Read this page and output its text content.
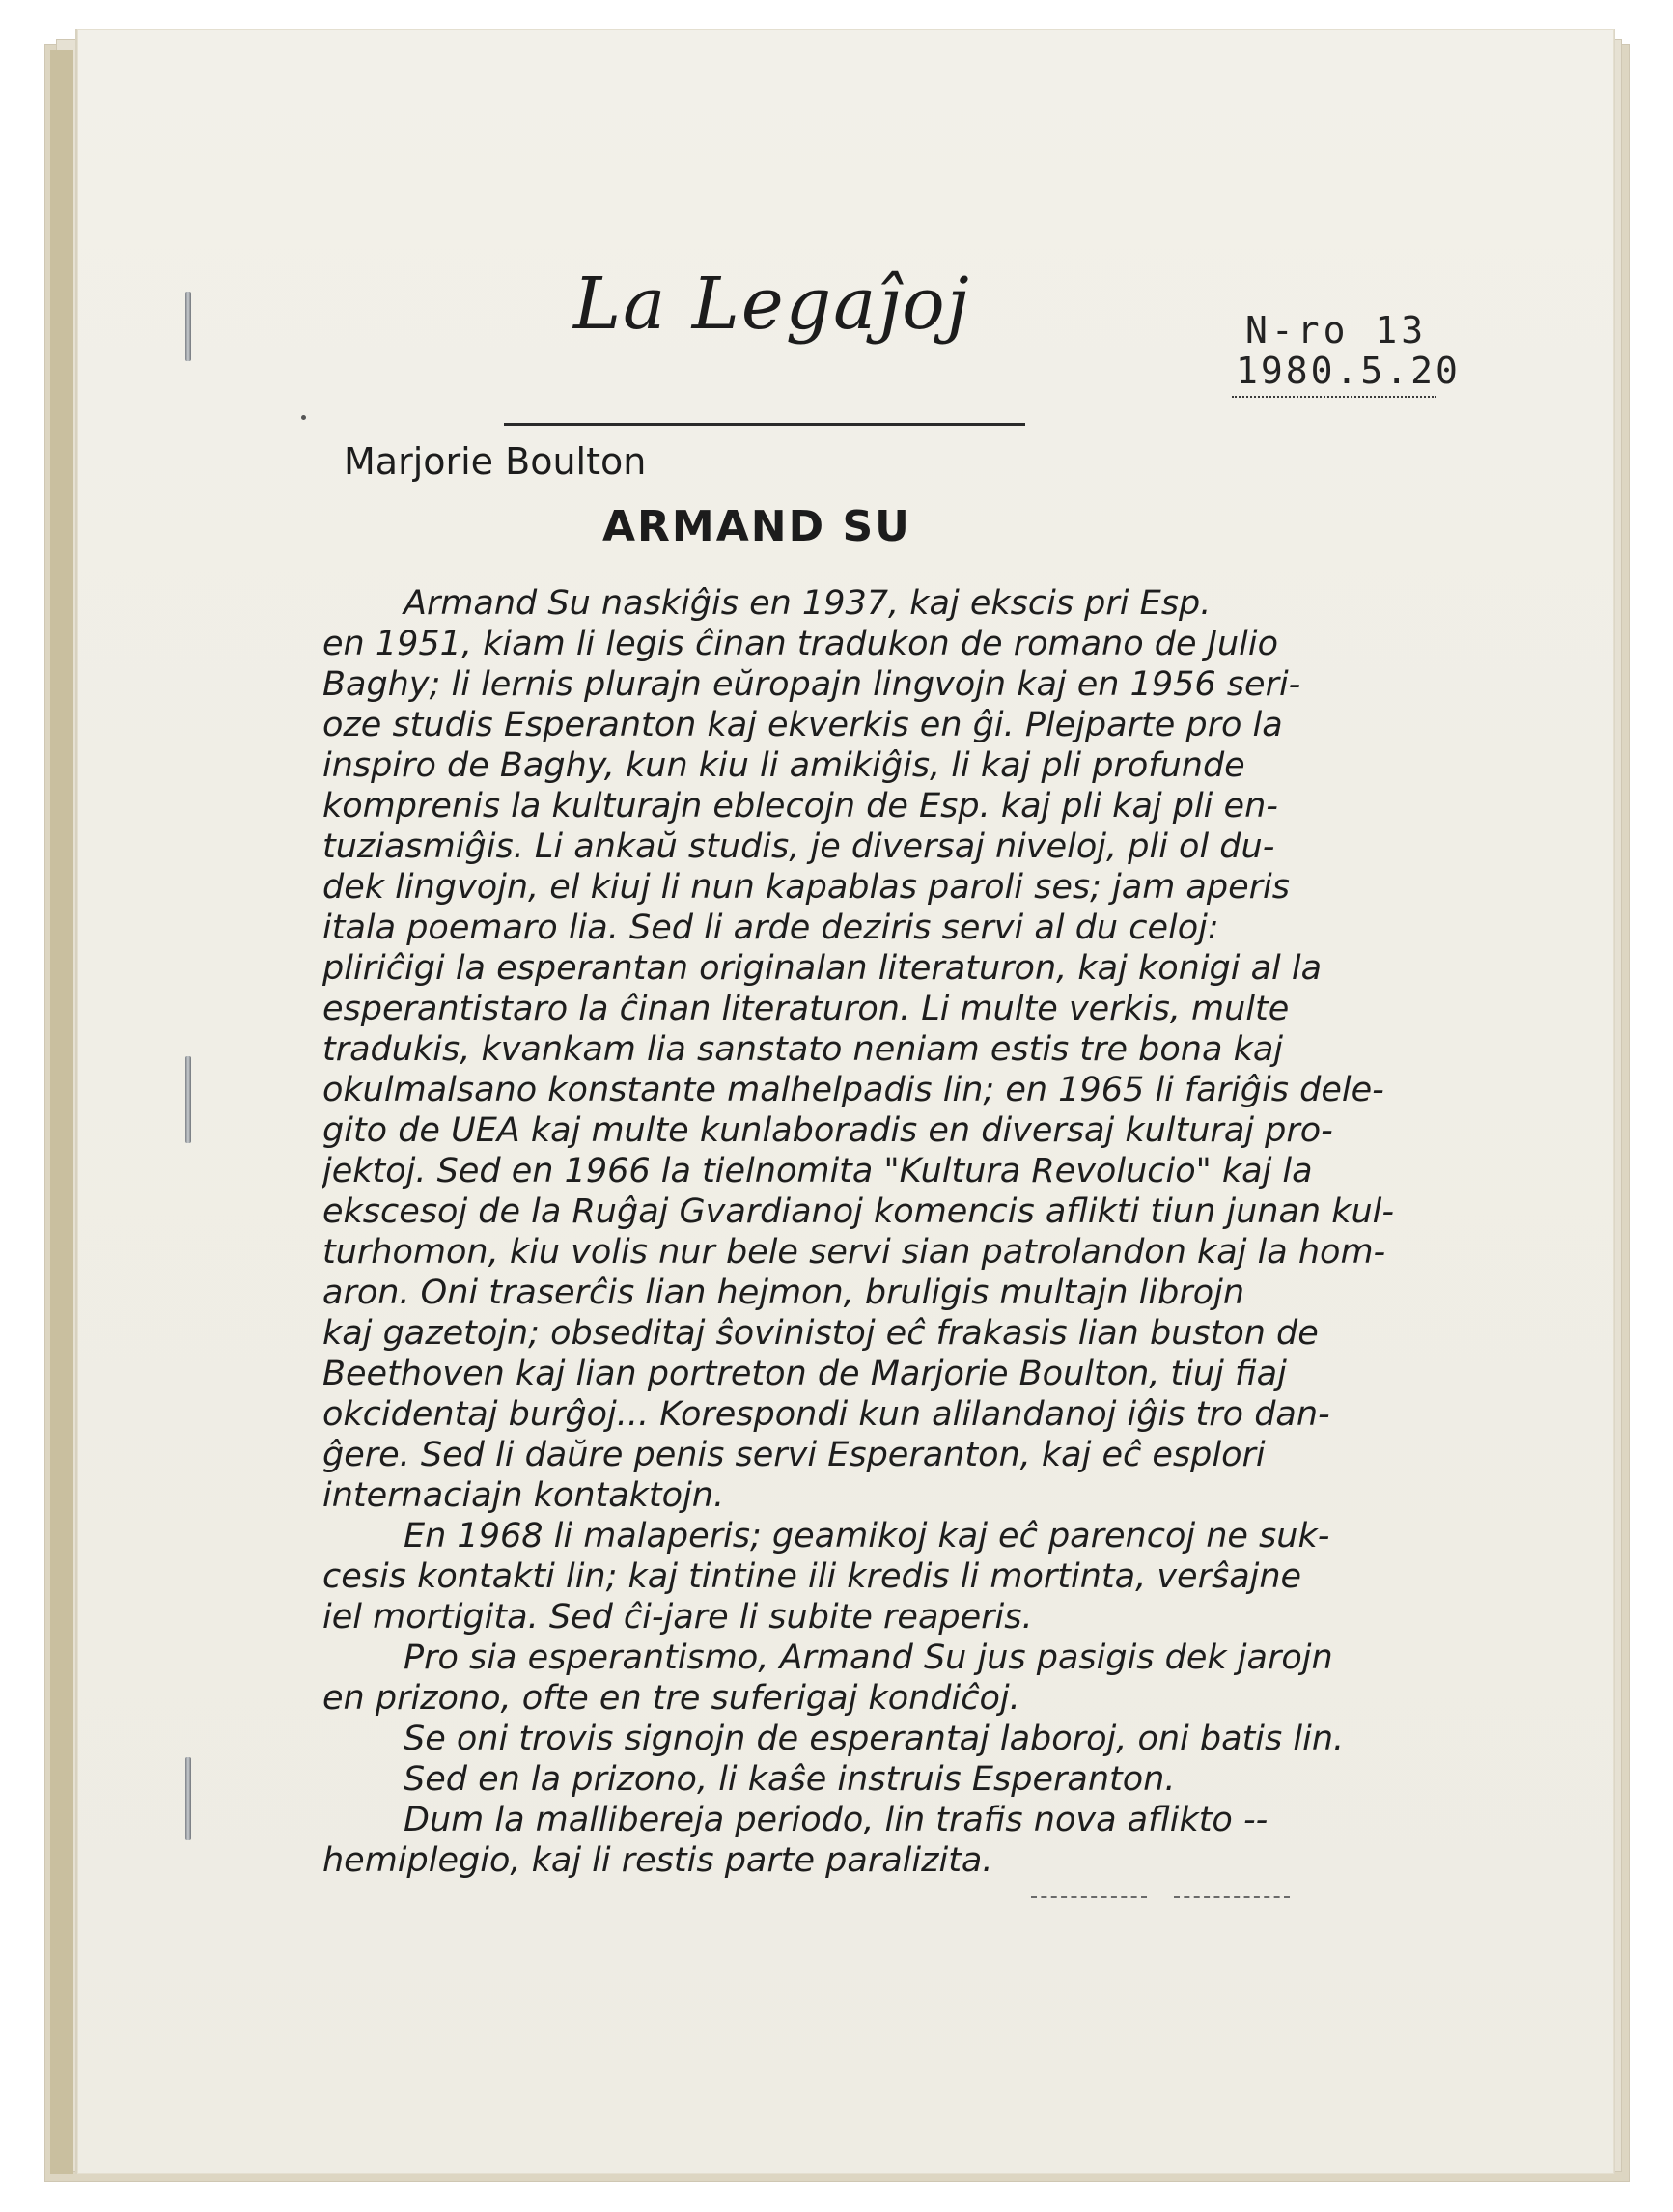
La Legaĵoj	N-ro 13
1980.5.20
Marjorie Boulton
ARMAND SU
Armand Su naskiĝis en 1937, kaj ekscis pri Esp.
en 1951, kiam li legis ĉinan tradukon de romano de Julio
Baghy; li lernis plurajn eŭropajn lingvojn kaj en 1956 seri-
oze studis Esperanton kaj ekverkis en ĝi. Plejparte pro la
inspiro de Baghy, kun kiu li amikiĝis, li kaj pli profunde
komprenis la kulturajn eblecojn de Esp. kaj pli kaj pli en-
tuziasmiĝis. Li ankaŭ studis, je diversaj niveloj, pli ol du-
dek lingvojn, el kiuj li nun kapablas paroli ses; jam aperis
itala poemaro lia. Sed li arde deziris servi al du celoj:
pliriĉigi la esperantan originalan literaturon, kaj konigi al la
esperantistaro la ĉinan literaturon. Li multe verkis, multe
tradukis, kvankam lia sanstato neniam estis tre bona kaj
okulmalsano konstante malhelpadis lin; en 1965 li fariĝis dele-
gito de UEA kaj multe kunlaboradis en diversaj kulturaj pro-
jektoj. Sed en 1966 la tielnomita "Kultura Revolucio" kaj la
ekscesoj de la Ruĝaj Gvardianoj komencis aflikti tiun junan kul-
turhomon, kiu volis nur bele servi sian patrolandon kaj la hom-
aron. Oni traserĉis lian hejmon, bruligis multajn librojn
kaj gazetojn; obseditaj ŝovinistoj eĉ frakasis lian buston de
Beethoven kaj lian portreton de Marjorie Boulton, tiuj fiaj
okcidentaj burĝoj... Korespondi kun alilandanoj iĝis tro dan-
ĝere. Sed li daŭre penis servi Esperanton, kaj eĉ esplori
internaciajn kontaktojn.
En 1968 li malaperis; geamikoj kaj eĉ parencoj ne suk-
cesis kontakti lin; kaj tintine ili kredis li mortinta, verŝajne
iel mortigita. Sed ĉi-jare li subite reaperis.
Pro sia esperantismo, Armand Su jus pasigis dek jarojn
en prizono, ofte en tre suferigaj kondiĉoj.
Se oni trovis signojn de esperantaj laboroj, oni batis lin.
Sed en la prizono, li kaŝe instruis Esperanton.
Dum la mallibereja periodo, lin trafis nova aflikto --
hemiplegio, kaj li restis parte paralizita.
